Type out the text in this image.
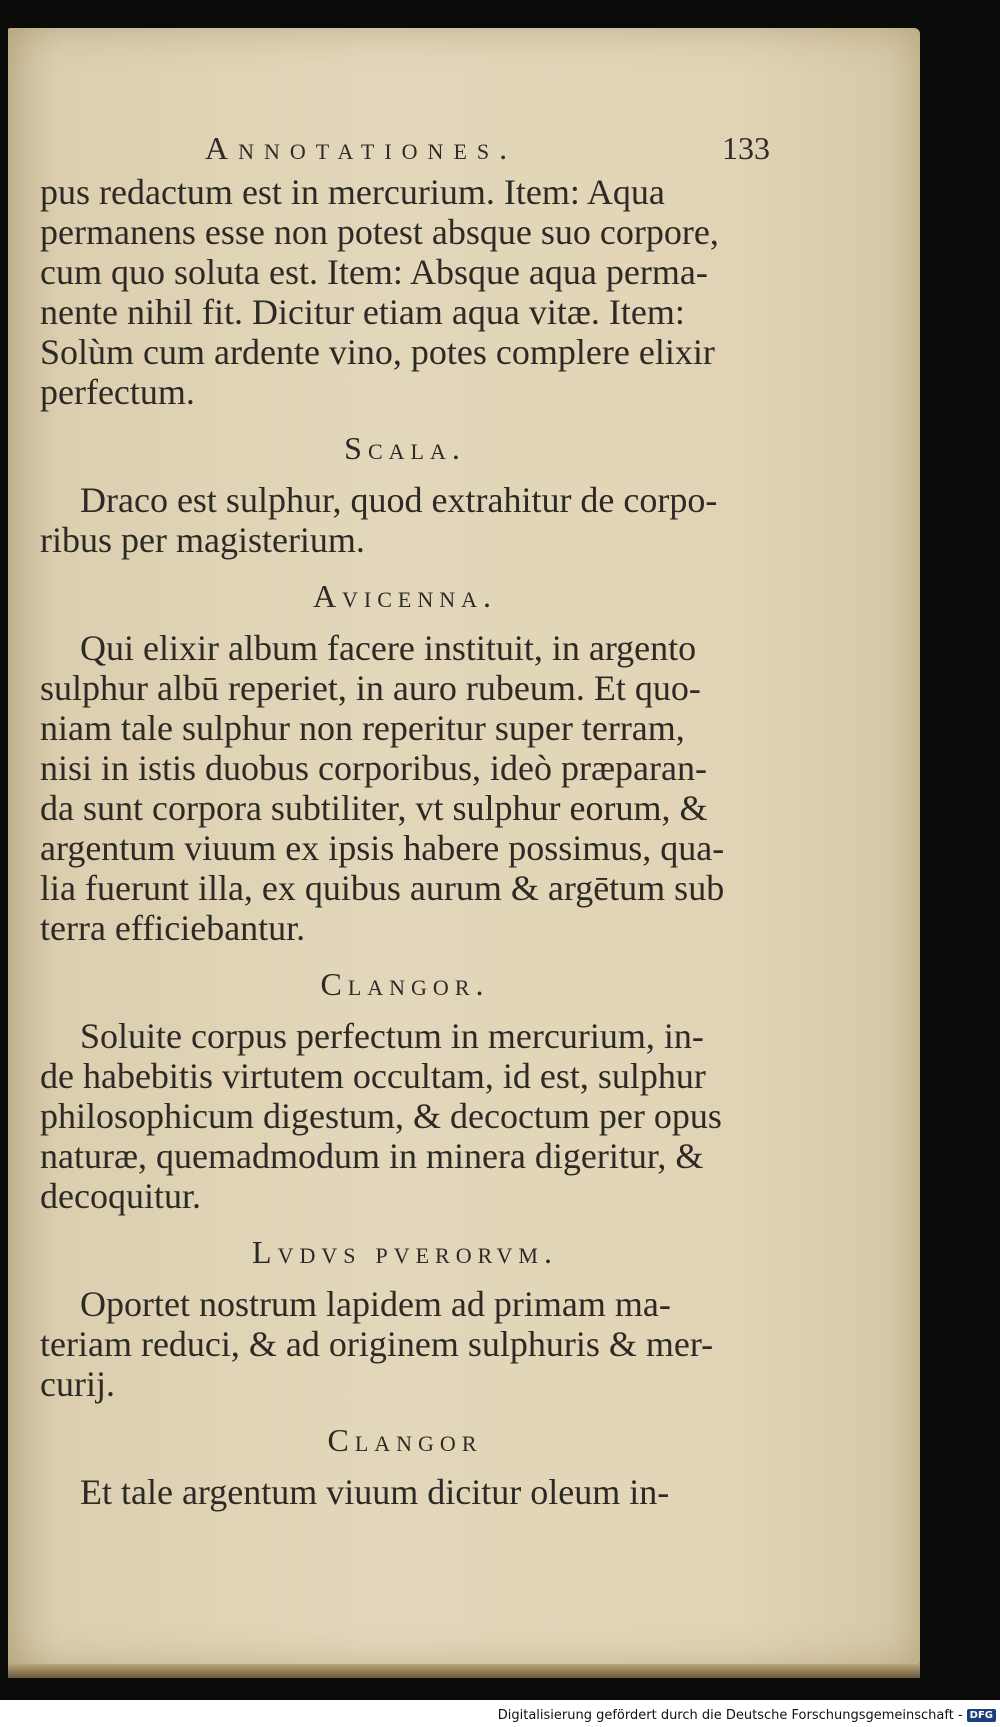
Annotationes.	133

pus redactum est in mercurium. Item: Aqua

permanens esse non potest absque suo corpore,

cum quo soluta est. Item: Absque aqua perma-

nente nihil fit. Dicitur etiam aqua vitæ. Item:

Solùm cum ardente vino, potes complere elixir

perfectum.

Scala.

Draco est sulphur, quod extrahitur de corpo-

ribus per magisterium.

Avicenna.

Qui elixir album facere instituit, in argento

sulphur albū reperiet, in auro rubeum. Et quo-

niam tale sulphur non reperitur super terram,

nisi in istis duobus corporibus, ideò præparan-

da sunt corpora subtiliter, vt sulphur eorum, &

argentum viuum ex ipsis habere possimus, qua-

lia fuerunt illa, ex quibus aurum & argētum sub

terra efficiebantur.

Clangor.

Soluite corpus perfectum in mercurium, in-

de habebitis virtutem occultam, id est, sulphur

philosophicum digestum, & decoctum per opus

naturæ, quemadmodum in minera digeritur, &

decoquitur.

Lvdvs pverorvm.

Oportet nostrum lapidem ad primam ma-

teriam reduci, & ad originem sulphuris & mer-

curij.

Clangor

Et tale argentum viuum dicitur oleum in-

Digitalisierung gefördert durch die Deutsche Forschungsgemeinschaft - DFG
